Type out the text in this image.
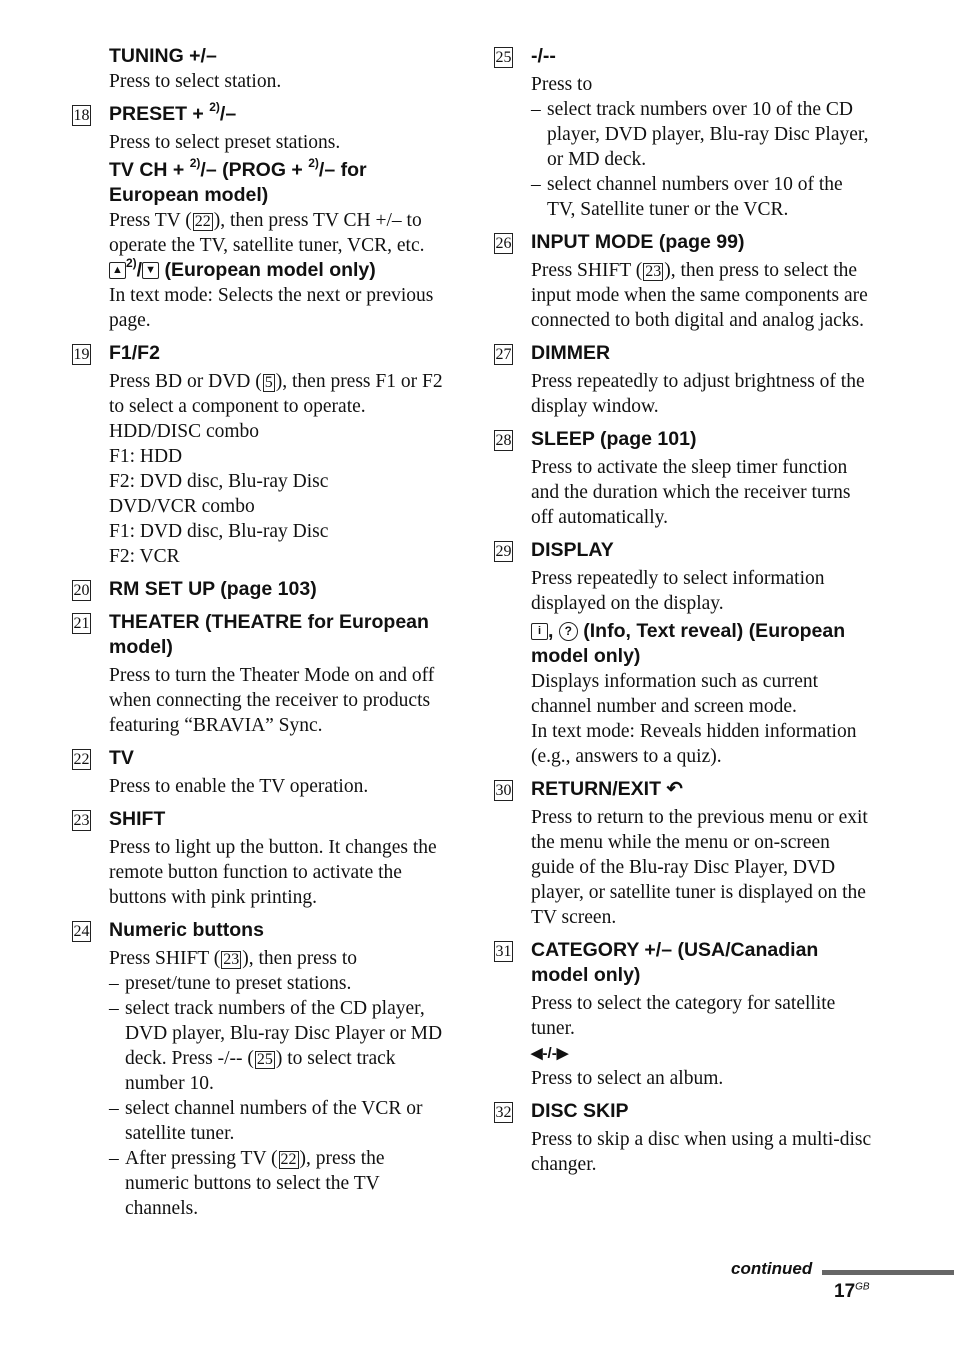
TUNING +/–

Press to select station.

18 PRESET + $^{2)}$/–

Press to select preset stations.

TV CH + $^{2)}$/– (PROG + $^{2)}$/– for European model)

Press TV ( 22 ), then press TV CH +/– to operate the TV, satellite tuner, VCR, etc.

▲$^{2)}$/ ▼ (European model only)

In text mode: Selects the next or previous page.

19 F1/F2

Press BD or DVD ( 5 ), then press F1 or F2 to select a component to operate.

HDD/DISC combo

F1: HDD

F2: DVD disc, Blu-ray Disc

DVD/VCR combo

F1: DVD disc, Blu-ray Disc

F2: VCR

20 RM SET UP (page 103)

21 THEATER (THEATRE for European model)

Press to turn the Theater Mode on and off when connecting the receiver to products featuring “BRAVIA” Sync.

22 TV

Press to enable the TV operation.

23 SHIFT

Press to light up the button. It changes the remote button function to activate the buttons with pink printing.

24 Numeric buttons

Press SHIFT ( 23 ), then press to

– preset/tune to preset stations.

– select track numbers of the CD player, DVD player, Blu-ray Disc Player or MD deck. Press -/-- ( 25 ) to select track number 10.

– select channel numbers of the VCR or satellite tuner.

– After pressing TV ( 22 ), press the numeric buttons to select the TV channels.

25 -/--

Press to

– select track numbers over 10 of the CD player, DVD player, Blu-ray Disc Player, or MD deck.

– select channel numbers over 10 of the TV, Satellite tuner or the VCR.

26 INPUT MODE (page 99)

Press SHIFT ( 23 ), then press to select the input mode when the same components are connected to both digital and analog jacks.

27 DIMMER

Press repeatedly to adjust brightness of the display window.

28 SLEEP (page 101)

Press to activate the sleep timer function and the duration which the receiver turns off automatically.

29 DISPLAY

Press repeatedly to select information displayed on the display.

i , ? (Info, Text reveal) (European model only)

Displays information such as current channel number and screen mode.

In text mode: Reveals hidden information (e.g., answers to a quiz).

30 RETURN/EXIT ↶

Press to return to the previous menu or exit the menu while the menu or on-screen guide of the Blu-ray Disc Player, DVD player, or satellite tuner is displayed on the TV screen.

31 CATEGORY +/– (USA/Canadian model only)

Press to select the category for satellite tuner.

◀-/-▶

Press to select an album.

32 DISC SKIP

Press to skip a disc when using a multi-disc changer.

continued
$17^{GB}$
